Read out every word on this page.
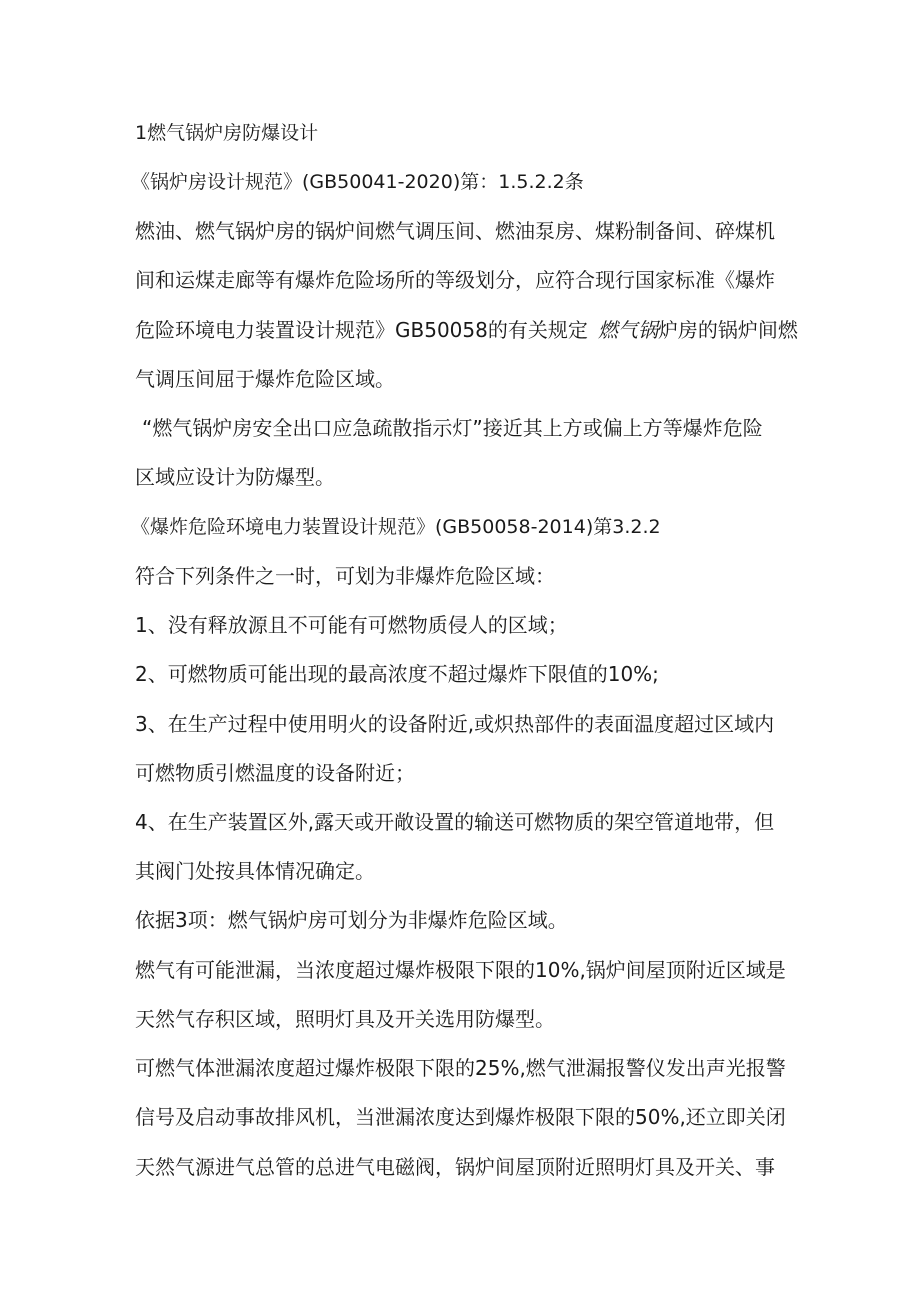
1燃气锅炉房防爆设计
《锅炉房设计规范》(GB50041-2020)第：1.5.2.2条
燃油、燃气锅炉房的锅炉间燃气调压间、燃油泵房、煤粉制备间、碎煤机
间和运煤走廊等有爆炸危险场所的等级划分，应符合现行国家标准《爆炸
危险环境电力装置设计规范》GB50058的有关规定 燃气锅炉房的锅炉间燃
气调压间屈于爆炸危险区域。
“燃气锅炉房安全出口应急疏散指示灯”接近其上方或偏上方等爆炸危险
区域应设计为防爆型。
《爆炸危险环境电力装置设计规范》(GB50058-2014)第3.2.2
符合下列条件之一时，可划为非爆炸危险区域：
1、没有释放源且不可能有可燃物质侵人的区域；
2、可燃物质可能出现的最高浓度不超过爆炸下限值的10%;
3、在生产过程中使用明火的设备附近,或炽热部件的表面温度超过区域内
可燃物质引燃温度的设备附近；
4、在生产装置区外,露天或开敞设置的输送可燃物质的架空管道地带，但
其阀门处按具体情况确定。
依据3项：燃气锅炉房可划分为非爆炸危险区域。
燃气有可能泄漏，当浓度超过爆炸极限下限的10%,锅炉间屋顶附近区域是
天然气存积区域，照明灯具及开关选用防爆型。
可燃气体泄漏浓度超过爆炸极限下限的25%,燃气泄漏报警仪发出声光报警
信号及启动事故排风机，当泄漏浓度达到爆炸极限下限的50%,还立即关闭
天然气源进气总管的总进气电磁阀，锅炉间屋顶附近照明灯具及开关、事
